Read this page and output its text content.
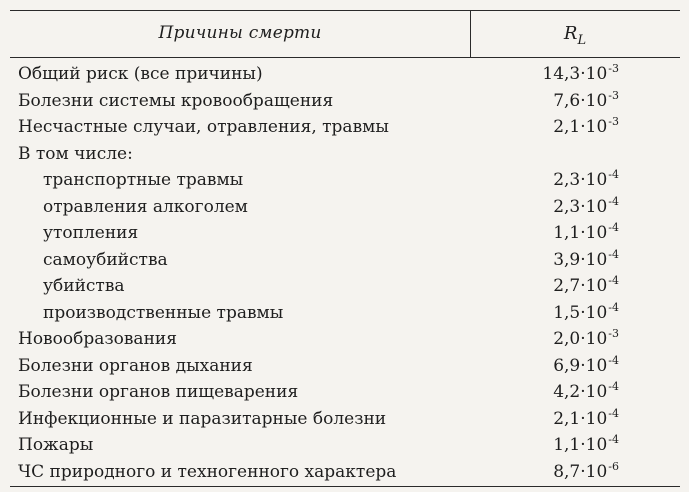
Причины смерти	$R_L$
Общий риск (все причины)	$14,3\cdot 10^{-3}$
Болезни системы кровообращения	$7,6\cdot 10^{-3}$
Несчастные случаи, отравления, травмы	$2,1\cdot 10^{-3}$
В том числе:
транспортные травмы	$2,3\cdot 10^{-4}$
отравления алкоголем	$2,3\cdot 10^{-4}$
утопления	$1,1\cdot 10^{-4}$
самоубийства	$3,9\cdot 10^{-4}$
убийства	$2,7\cdot 10^{-4}$
производственные травмы	$1,5\cdot 10^{-4}$
Новообразования	$2,0\cdot 10^{-3}$
Болезни органов дыхания	$6,9\cdot 10^{-4}$
Болезни органов пищеварения	$4,2\cdot 10^{-4}$
Инфекционные и паразитарные болезни	$2,1\cdot 10^{-4}$
Пожары	$1,1\cdot 10^{-4}$
ЧС природного и техногенного характера	$8,7\cdot 10^{-6}$
